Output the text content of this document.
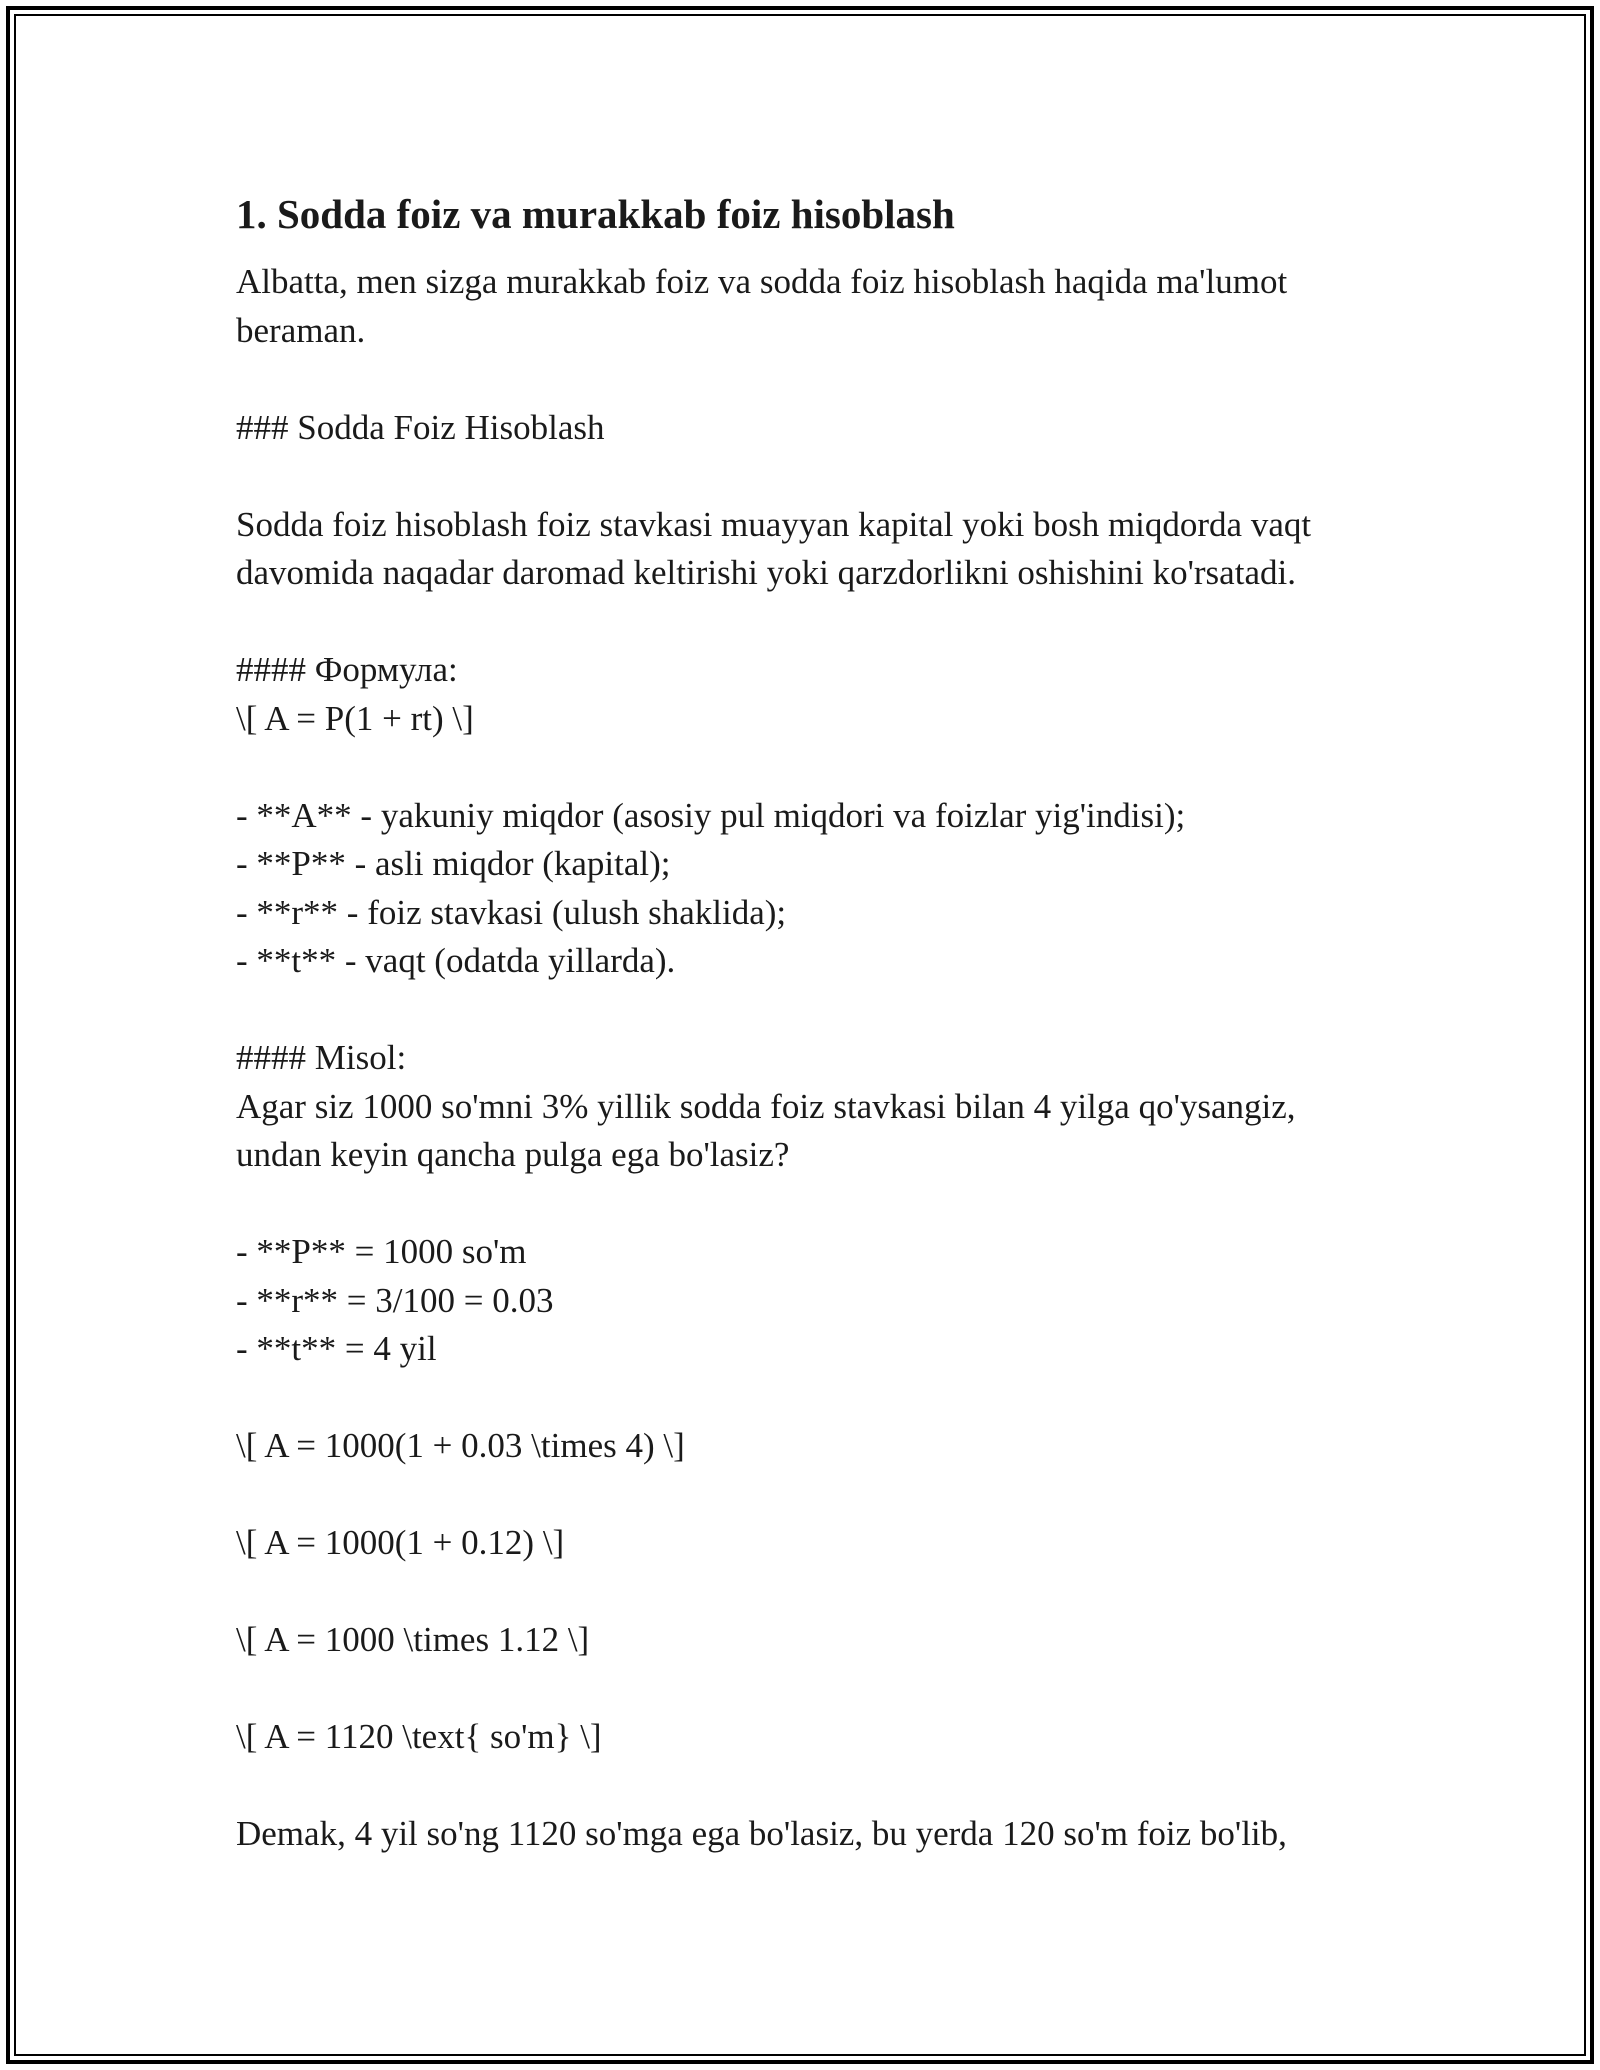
1. Sodda foiz va murakkab foiz hisoblash
Albatta, men sizga murakkab foiz va sodda foiz hisoblash haqida ma'lumot
beraman.
### Sodda Foiz Hisoblash
Sodda foiz hisoblash foiz stavkasi muayyan kapital yoki bosh miqdorda vaqt
davomida naqadar daromad keltirishi yoki qarzdorlikni oshishini ko'rsatadi.
#### Формула:
\[ A = P(1 + rt) \]
- **A** - yakuniy miqdor (asosiy pul miqdori va foizlar yig'indisi);
- **P** - asli miqdor (kapital);
- **r** - foiz stavkasi (ulush shaklida);
- **t** - vaqt (odatda yillarda).
#### Misol:
Agar siz 1000 so'mni 3% yillik sodda foiz stavkasi bilan 4 yilga qo'ysangiz,
undan keyin qancha pulga ega bo'lasiz?
- **P** = 1000 so'm
- **r** = 3/100 = 0.03
- **t** = 4 yil
\[ A = 1000(1 + 0.03 \times 4) \]
\[ A = 1000(1 + 0.12) \]
\[ A = 1000 \times 1.12 \]
\[ A = 1120 \text{ so'm} \]
Demak, 4 yil so'ng 1120 so'mga ega bo'lasiz, bu yerda 120 so'm foiz bo'lib,
